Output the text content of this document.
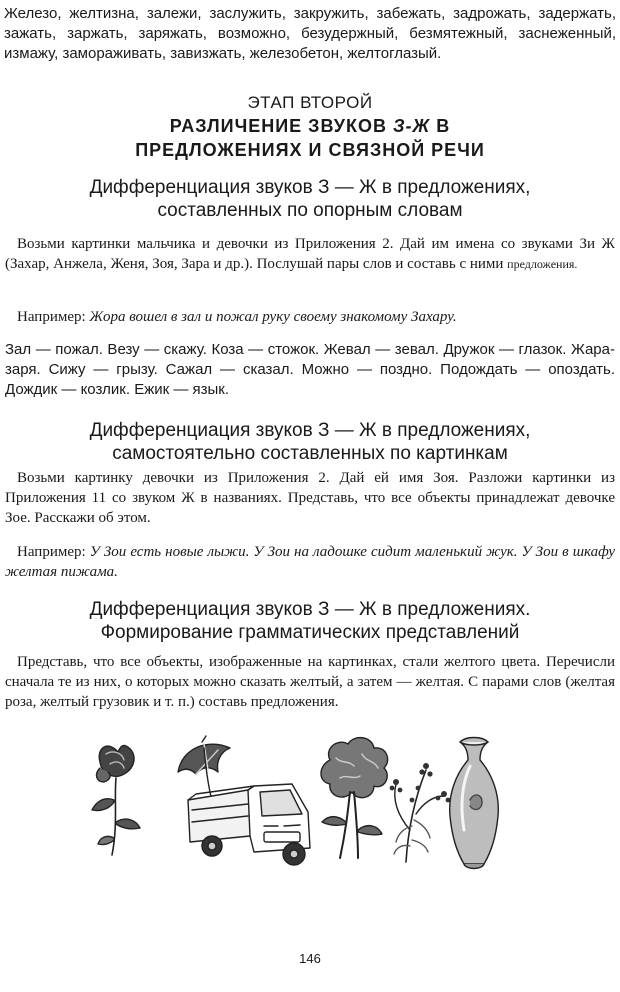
Железо, желтизна, залежи, заслужить, закружить, забежать, задрожать, задержать, зажать, заржать, заряжать, возможно, безудержный, безмятежный, заснеженный, измажу, замораживать, завизжать, железобетон, желтоглазый.
ЭТАП ВТОРОЙ
РАЗЛИЧЕНИЕ ЗВУКОВ З-Ж В
ПРЕДЛОЖЕНИЯХ И СВЯЗНОЙ РЕЧИ
Дифференциация звуков З — Ж в предложениях,
составленных по опорным словам
Возьми картинки мальчика и девочки из Приложения 2. Дай им имена со звуками Зи Ж (Захар, Анжела, Женя, Зоя, Зара и др.). Послушай пары слов и составь с ними предложения.
Например: Жора вошел в зал и пожал руку своему знакомому Захару.
Зал — пожал. Везу — скажу. Коза — стожок. Жевал — зевал. Дружок — глазок. Жара-заря. Сижу — грызу. Сажал — сказал. Можно — поздно. Подождать — опоздать. Дождик — козлик. Ежик — язык.
Дифференциация звуков З — Ж в предложениях,
самостоятельно составленных по картинкам
Возьми картинку девочки из Приложения 2. Дай ей имя Зоя. Разложи картинки из Приложения 11 со звуком Ж в названиях. Представь, что все объекты принадлежат девочке Зое. Расскажи об этом.
Например: У Зои есть новые лыжи. У Зои на ладошке сидит маленький жук. У Зои в шкафу желтая пижама.
Дифференциация звуков З — Ж в предложениях.
Формирование грамматических представлений
Представь, что все объекты, изображенные на картинках, стали желтого цвета. Перечисли сначала те из них, о которых можно сказать желтый, а затем — желтая. С парами слов (желтая роза, желтый грузовик и т. п.) составь предложения.
146
